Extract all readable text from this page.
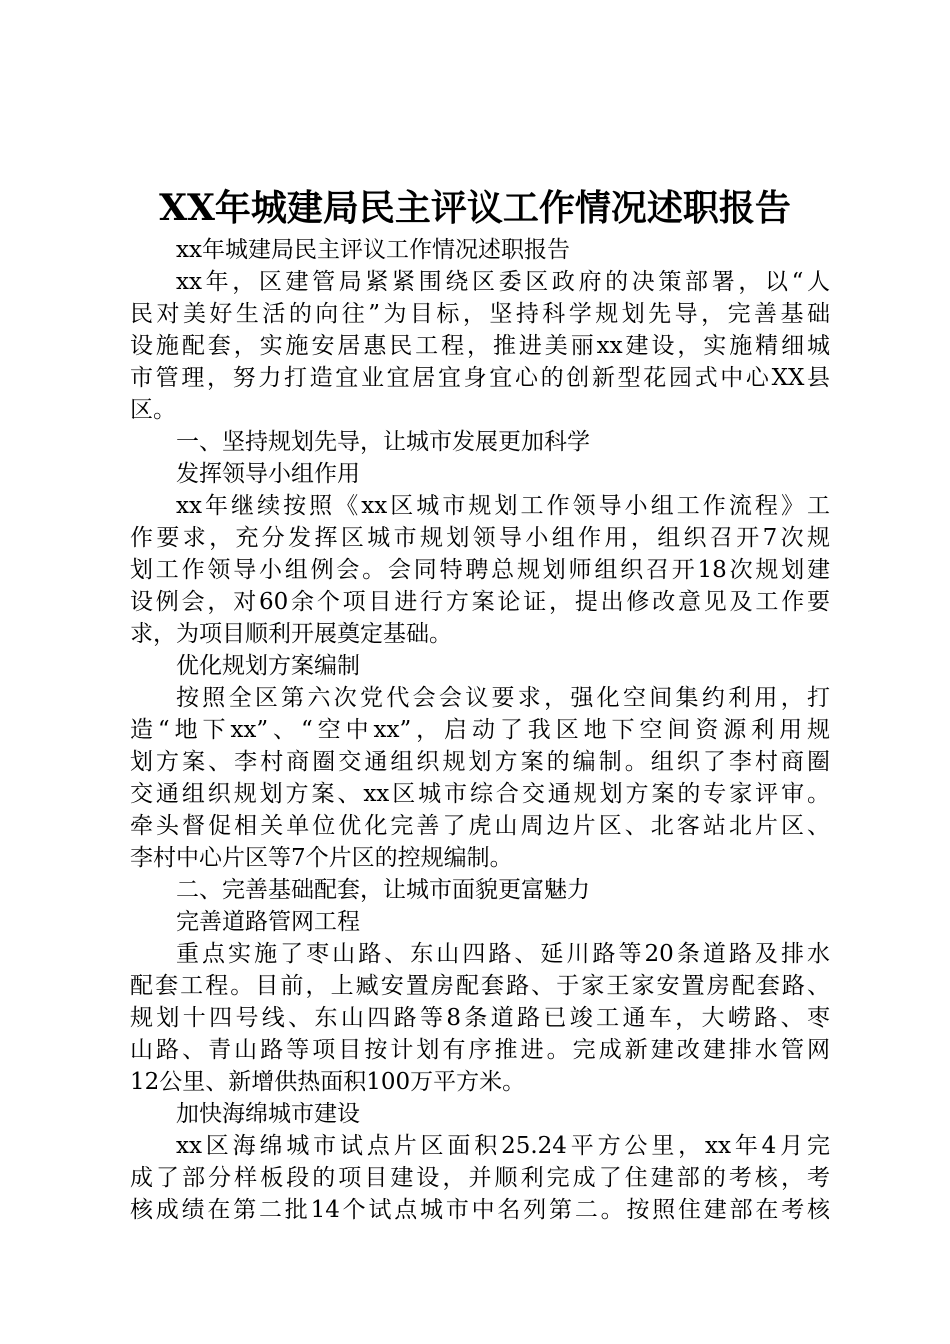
XX年城建局民主评议工作情况述职报告
xx年城建局民主评议工作情况述职报告
xx年，区建管局紧紧围绕区委区政府的决策部署，以“人
民对美好生活的向往”为目标，坚持科学规划先导，完善基础
设施配套，实施安居惠民工程，推进美丽xx建设，实施精细城
市管理，努力打造宜业宜居宜身宜心的创新型花园式中心XX县
区。
一、坚持规划先导，让城市发展更加科学
发挥领导小组作用
xx年继续按照《xx区城市规划工作领导小组工作流程》工
作要求，充分发挥区城市规划领导小组作用，组织召开7次规
划工作领导小组例会。会同特聘总规划师组织召开18次规划建
设例会，对60余个项目进行方案论证，提出修改意见及工作要
求，为项目顺利开展奠定基础。
优化规划方案编制
按照全区第六次党代会会议要求，强化空间集约利用，打
造“地下xx”、“空中xx”，启动了我区地下空间资源利用规
划方案、李村商圈交通组织规划方案的编制。组织了李村商圈
交通组织规划方案、xx区城市综合交通规划方案的专家评审。
牵头督促相关单位优化完善了虎山周边片区、北客站北片区、
李村中心片区等7个片区的控规编制。
二、完善基础配套，让城市面貌更富魅力
完善道路管网工程
重点实施了枣山路、东山四路、延川路等20条道路及排水
配套工程。目前，上臧安置房配套路、于家王家安置房配套路、
规划十四号线、东山四路等8条道路已竣工通车，大崂路、枣
山路、青山路等项目按计划有序推进。完成新建改建排水管网
12公里、新增供热面积100万平方米。
加快海绵城市建设
xx区海绵城市试点片区面积25.24平方公里，xx年4月完
成了部分样板段的项目建设，并顺利完成了住建部的考核，考
核成绩在第二批14个试点城市中名列第二。按照住建部在考核
